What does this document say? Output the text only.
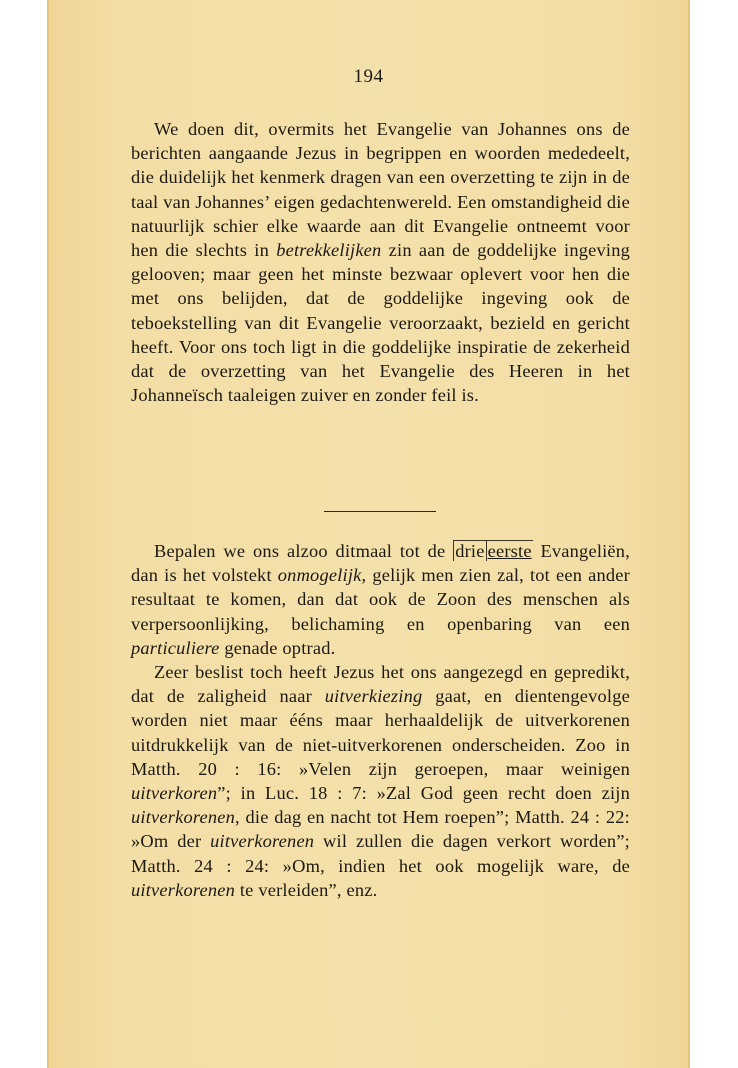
194

We doen dit, overmits het Evangelie van Johannes ons de berichten aangaande Jezus in begrippen en woorden mededeelt, die duidelijk het kenmerk dragen van een overzetting te zijn in de taal van Johannes’ eigen gedachtenwereld. Een omstandigheid die natuurlijk schier elke waarde aan dit Evangelie ontneemt voor hen die slechts in betrekkelijken zin aan de goddelijke ingeving gelooven; maar geen het minste bezwaar oplevert voor hen die met ons belijden, dat de goddelijke ingeving ook de teboekstelling van dit Evangelie veroorzaakt, bezield en gericht heeft. Voor ons toch ligt in die goddelijke inspiratie de zekerheid dat de overzetting van het Evangelie des Heeren in het Johanneïsch taaleigen zuiver en zonder feil is.

Bepalen we ons alzoo ditmaal tot de drie eerste Evangeliën, dan is het volstekt onmogelijk, gelijk men zien zal, tot een ander resultaat te komen, dan dat ook de Zoon des menschen als verpersoonlijking, belichaming en openbaring van een particuliere genade optrad.

Zeer beslist toch heeft Jezus het ons aangezegd en gepredikt, dat de zaligheid naar uitverkiezing gaat, en dientengevolge worden niet maar ééns maar herhaaldelijk de uitverkorenen uitdrukkelijk van de niet-uitverkorenen onderscheiden. Zoo in Matth. 20 : 16: »Velen zijn geroepen, maar weinigen uitverkoren”; in Luc. 18 : 7: »Zal God geen recht doen zijn uitverkorenen, die dag en nacht tot Hem roepen”; Matth. 24 : 22: »Om der uitverkorenen wil zullen die dagen verkort worden”; Matth. 24 : 24: »Om, indien het ook mogelijk ware, de uitverkorenen te verleiden”, enz.
